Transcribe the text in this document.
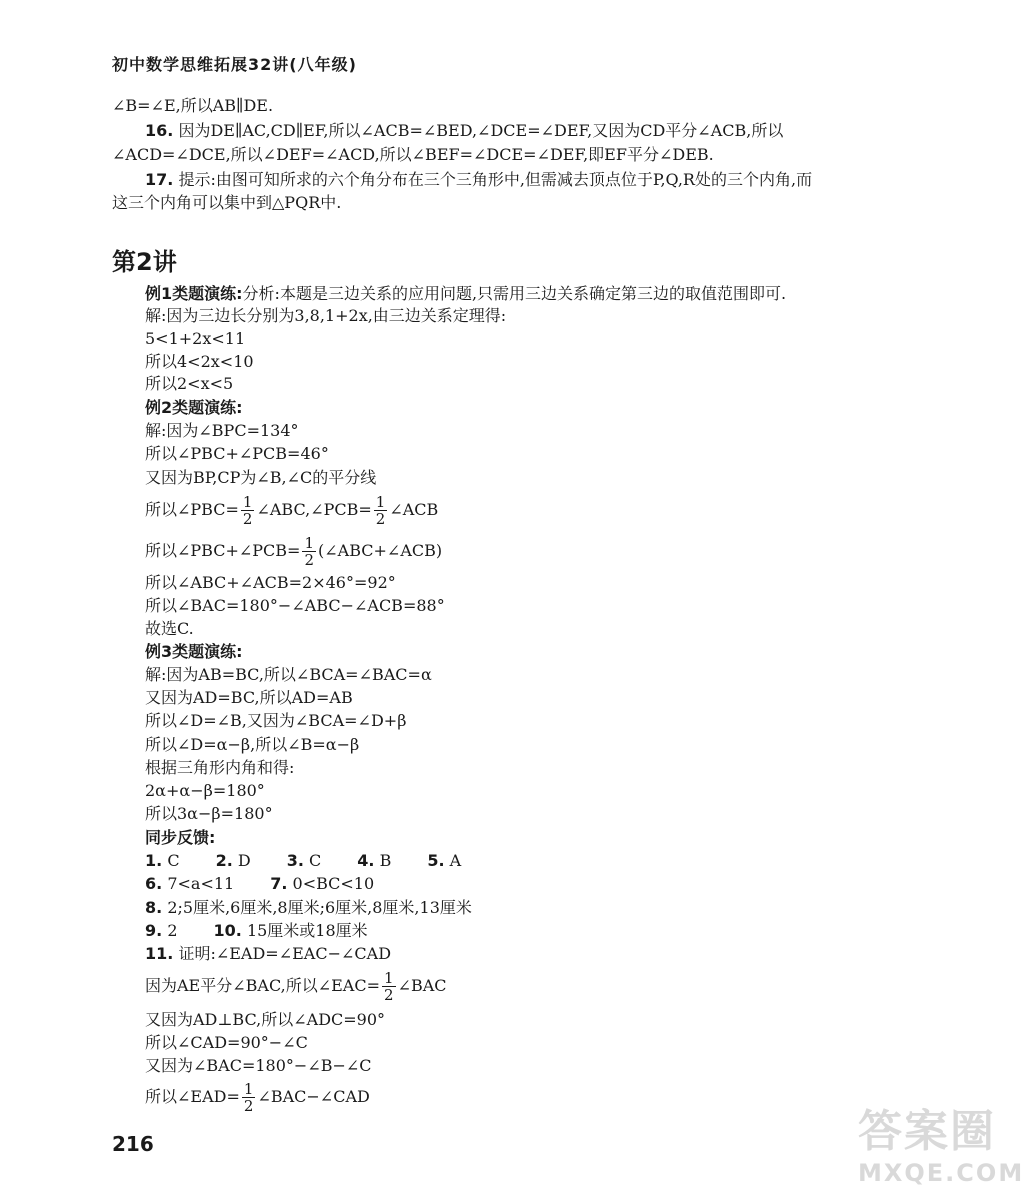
初中数学思维拓展32讲(八年级)
∠B=∠E,所以AB∥DE.
16. 因为DE∥AC,CD∥EF,所以∠ACB=∠BED,∠DCE=∠DEF,又因为CD平分∠ACB,所以
∠ACD=∠DCE,所以∠DEF=∠ACD,所以∠BEF=∠DCE=∠DEF,即EF平分∠DEB.
17. 提示:由图可知所求的六个角分布在三个三角形中,但需减去顶点位于P,Q,R处的三个内角,而
这三个内角可以集中到△PQR中.
第2讲
例1类题演练:分析:本题是三边关系的应用问题,只需用三边关系确定第三边的取值范围即可.
解:因为三边长分别为3,8,1+2x,由三边关系定理得:
5<1+2x<11
所以4<2x<10
所以2<x<5
例2类题演练:
解:因为∠BPC=134°
所以∠PBC+∠PCB=46°
又因为BP,CP为∠B,∠C的平分线
所以∠PBC= $\frac{1}{2}$ ∠ABC,∠PCB= $\frac{1}{2}$ ∠ACB
所以∠PBC+∠PCB= $\frac{1}{2}$ (∠ABC+∠ACB)
所以∠ABC+∠ACB=2×46°=92°
所以∠BAC=180°−∠ABC−∠ACB=88°
故选C.
例3类题演练:
解:因为AB=BC,所以∠BCA=∠BAC=α
又因为AD=BC,所以AD=AB
所以∠D=∠B,又因为∠BCA=∠D+β
所以∠D=α−β,所以∠B=α−β
根据三角形内角和得:
2α+α−β=180°
所以3α−β=180°
同步反馈:
1. C 2. D 3. C 4. B 5. A
6. 7<a<11 7. 0<BC<10
8. 2;5厘米,6厘米,8厘米;6厘米,8厘米,13厘米
9. 2 10. 15厘米或18厘米
11. 证明:∠EAD=∠EAC−∠CAD
因为AE平分∠BAC,所以∠EAC= $\frac{1}{2}$ ∠BAC
又因为AD⊥BC,所以∠ADC=90°
所以∠CAD=90°−∠C
又因为∠BAC=180°−∠B−∠C
所以∠EAD= $\frac{1}{2}$ ∠BAC−∠CAD
216	答案圈
MXQE.COM
